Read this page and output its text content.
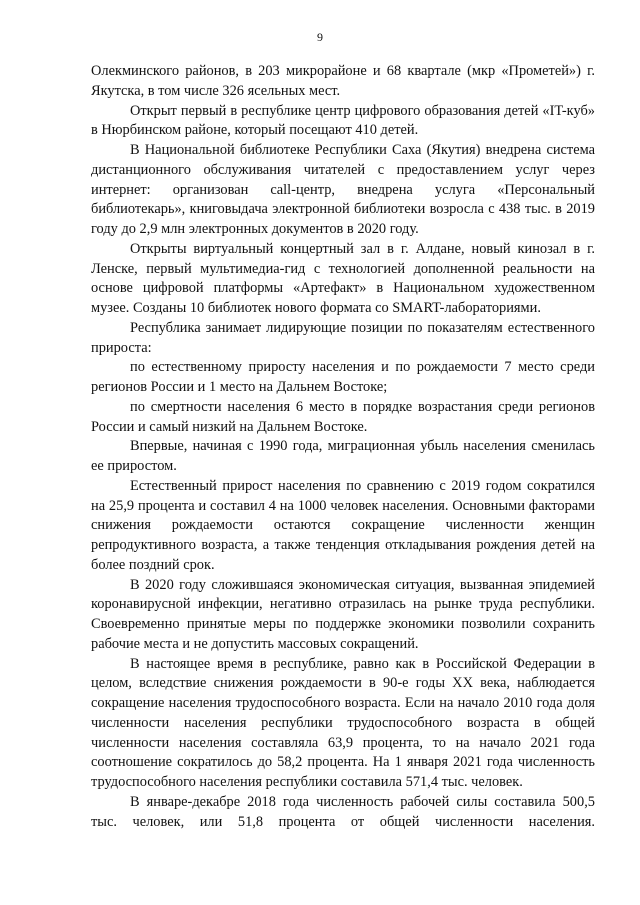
9

Олекминского районов, в 203 микрорайоне и 68 квартале (мкр «Прометей») г. Якутска, в том числе 326 ясельных мест.

Открыт первый в республике центр цифрового образования детей «IT-куб» в Нюрбинском районе, который посещают 410 детей.

В Национальной библиотеке Республики Саха (Якутия) внедрена система дистанционного обслуживания читателей с предоставлением услуг через интернет: организован call-центр, внедрена услуга «Персональный библиотекарь», книговыдача электронной библиотеки возросла с 438 тыс. в 2019 году до 2,9 млн электронных документов в 2020 году.

Открыты виртуальный концертный зал в г. Алдане, новый кинозал в г. Ленске, первый мультимедиа-гид с технологией дополненной реальности на основе цифровой платформы «Артефакт» в Национальном художественном музее. Созданы 10 библиотек нового формата со SMART-лабораториями.

Республика занимает лидирующие позиции по показателям естественного прироста:

по естественному приросту населения и по рождаемости 7 место среди регионов России и 1 место на Дальнем Востоке;

по смертности населения 6 место в порядке возрастания среди регионов России и самый низкий на Дальнем Востоке.

Впервые, начиная с 1990 года, миграционная убыль населения сменилась ее приростом.

Естественный прирост населения по сравнению с 2019 годом сократился на 25,9 процента и составил 4 на 1000 человек населения. Основными факторами снижения рождаемости остаются сокращение численности женщин репродуктивного возраста, а также тенденция откладывания рождения детей на более поздний срок.

В 2020 году сложившаяся экономическая ситуация, вызванная эпидемией коронавирусной инфекции, негативно отразилась на рынке труда республики. Своевременно принятые меры по поддержке экономики позволили сохранить рабочие места и не допустить массовых сокращений.

В настоящее время в республике, равно как в Российской Федерации в целом, вследствие снижения рождаемости в 90-е годы XX века, наблюдается сокращение населения трудоспособного возраста. Если на начало 2010 года доля численности населения республики трудоспособного возраста в общей численности населения составляла 63,9 процента, то на начало 2021 года соотношение сократилось до 58,2 процента. На 1 января 2021 года численность трудоспособного населения республики составила 571,4 тыс. человек.

В январе-декабре 2018 года численность рабочей силы составила 500,5 тыс. человек, или 51,8 процента от общей численности населения.
